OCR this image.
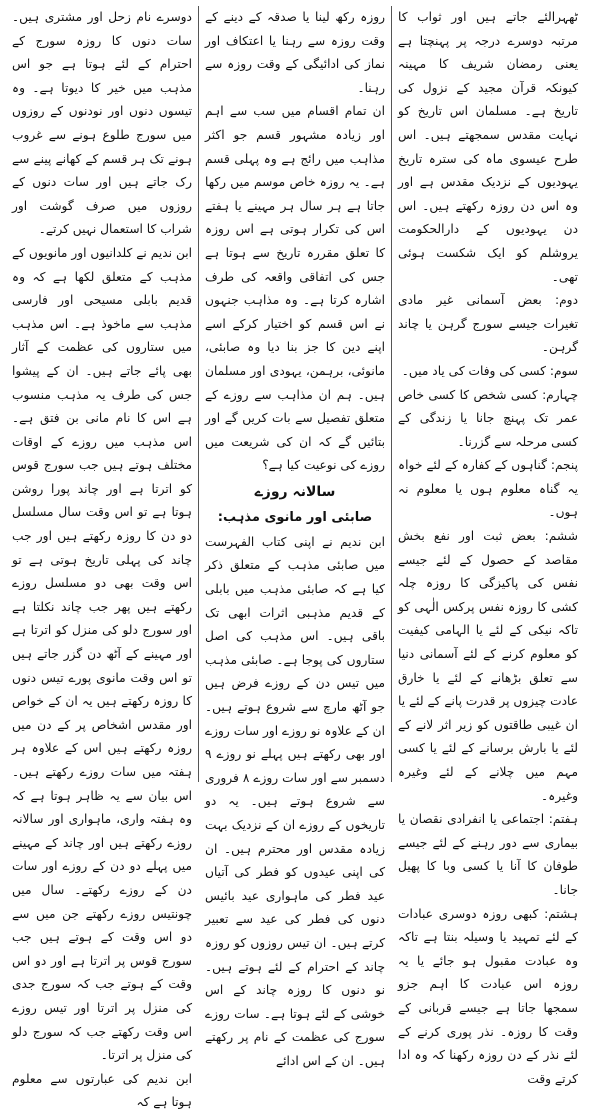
ٹھہرالئے جاتے ہیں اور ثواب کا مرتبہ دوسرے درجہ پر پہنچتا ہے یعنی رمضان شریف کا مہینہ کیونکہ قرآن مجید کے نزول کی تاریخ ہے۔ مسلمان اس تاریخ کو نہایت مقدس سمجھتے ہیں۔ اس طرح عیسوی ماہ کی سترہ تاریخ یہودیوں کے نزدیک مقدس ہے اور وہ اس دن روزہ رکھتے ہیں۔ اس دن یہودیوں کے دارالحکومت یروشلم کو ایک شکست ہوئی تھی۔

دوم: بعض آسمانی غیر مادی تغیرات جیسے سورج گرہن یا چاند گرہن۔

سوم: کسی کی وفات کی یاد میں۔

چہارم: کسی شخص کا کسی خاص عمر تک پہنچ جانا یا زندگی کے کسی مرحلہ سے گزرنا۔

پنجم: گناہوں کے کفارہ کے لئے خواہ یہ گناہ معلوم ہوں یا معلوم نہ ہوں۔

ششم: بعض ثبت اور نفع بخش مقاصد کے حصول کے لئے جیسے نفس کی پاکیزگی کا روزہ چلہ کشی کا روزہ نفس پرکس الٰہی کو تاکہ نیکی کے لئے یا الہامی کیفیت کو معلوم کرنے کے لئے آسمانی دنیا سے تعلق بڑھانے کے لئے یا خارق عادت چیزوں پر قدرت پانے کے لئے یا ان غیبی طاقتوں کو زیر اثر لانے کے لئے یا بارش برسانے کے لئے یا کسی مہم میں چلانے کے لئے وغیرہ وغیرہ۔

ہفتم: اجتماعی یا انفرادی نقصان یا بیماری سے دور رہنے کے لئے جیسے طوفان کا آنا یا کسی وبا کا پھیل جانا۔

ہشتم: کبھی روزہ دوسری عبادات کے لئے تمہید یا وسیلہ بنتا ہے تاکہ وہ عبادت مقبول ہو جائے یا یہ روزہ اس عبادت کا اہم جزو سمجھا جاتا ہے جیسے قربانی کے وقت کا روزہ۔ نذر پوری کرنے کے لئے نذر کے دن روزہ رکھنا کہ وہ ادا کرتے وقت

روزہ رکھ لینا یا صدقہ کے دینے کے وقت روزہ سے رہنا یا اعتکاف اور نماز کی ادائیگی کے وقت روزہ سے رہنا۔

ان تمام اقسام میں سب سے اہم اور زیادہ مشہور قسم جو اکثر مذاہب میں رائج ہے وہ پہلی قسم ہے۔ یہ روزہ خاص موسم میں رکھا جاتا ہے ہر سال ہر مہینے یا ہفتے اس کی تکرار ہوتی ہے اس روزہ کا تعلق مقررہ تاریخ سے ہوتا ہے جس کی اتفاقی واقعہ کی طرف اشارہ کرتا ہے۔ وہ مذاہب جنہوں نے اس قسم کو اختیار کرکے اسے اپنے دین کا جز بنا دیا وہ صابئی، مانوئی، برہمن، یہودی اور مسلمان ہیں۔ ہم ان مذاہب سے روزے کے متعلق تفصیل سے بات کریں گے اور بتائیں گے کہ ان کی شریعت میں روزے کی نوعیت کیا ہے؟

سالانہ روزے

صابئی اور مانوی مذہب:

ابن ندیم نے اپنی کتاب الفہرست میں صابئی مذہب کے متعلق ذکر کیا ہے کہ صابئی مذہب میں بابلی کے قدیم مذہبی اثرات ابھی تک باقی ہیں۔ اس مذہب کی اصل ستاروں کی پوجا ہے۔ صابئی مذہب میں تیس دن کے روزے فرض ہیں جو آٹھ مارچ سے شروع ہوتے ہیں۔ ان کے علاوہ نو روزے اور سات روزے اور بھی رکھتے ہیں پہلے نو روزے ۹ دسمبر سے اور سات روزے ۸ فروری سے شروع ہوتے ہیں۔ یہ دو تاریخوں کے روزے ان کے نزدیک بہت زیادہ مقدس اور محترم ہیں۔ ان کی اپنی عیدوں کو فطر کی آتیاں عید فطر کی ماہواری عید بائیس دنوں کی فطر کی عید سے تعبیر کرتے ہیں۔ ان تیس روزوں کو روزہ چاند کے احترام کے لئے ہوتے ہیں۔ نو دنوں کا روزہ چاند کے اس خوشی کے لئے ہوتا ہے۔ سات روزے سورج کی عظمت کے نام پر رکھتے ہیں۔ ان کے اس ادائے

دوسرے نام زحل اور مشتری ہیں۔ سات دنوں کا روزہ سورج کے احترام کے لئے ہوتا ہے جو اس مذہب میں خیر کا دیوتا ہے۔ وہ تیسوں دنوں اور نودنوں کے روزوں میں سورج طلوع ہونے سے غروب ہونے تک ہر قسم کے کھانے پینے سے رک جاتے ہیں اور سات دنوں کے روزوں میں صرف گوشت اور شراب کا استعمال نہیں کرتے۔

ابن ندیم نے کلدانیوں اور مانویوں کے مذہب کے متعلق لکھا ہے کہ وہ قدیم بابلی مسیحی اور فارسی مذہب سے ماخوذ ہے۔ اس مذہب میں ستاروں کی عظمت کے آثار بھی پائے جاتے ہیں۔ ان کے پیشوا جس کی طرف یہ مذہب منسوب ہے اس کا نام مانی بن فتق ہے۔ اس مذہب میں روزے کے اوقات مختلف ہوتے ہیں جب سورج قوس کو اترتا ہے اور چاند پورا روشن ہوتا ہے تو اس وقت سال مسلسل دو دن کا روزہ رکھتے ہیں اور جب چاند کی پہلی تاریخ ہوتی ہے تو اس وقت بھی دو مسلسل روزے رکھتے ہیں پھر جب چاند نکلتا ہے اور سورج دلو کی منزل کو اترتا ہے اور مہینے کے آٹھ دن گزر جاتے ہیں تو اس وقت مانوی پورے تیس دنوں کا روزہ رکھتے ہیں یہ ان کے خواص اور مقدس اشخاص پر کے دن میں روزہ رکھتے ہیں اس کے علاوہ ہر ہفتہ میں سات روزے رکھتے ہیں۔ اس بیان سے یہ ظاہر ہوتا ہے کہ وہ ہفتہ واری، ماہواری اور سالانہ روزے رکھتے ہیں اور چاند کے مہینے میں پہلے دو دن کے روزے اور سات دن کے روزے رکھتے۔ سال میں چونتیس روزے رکھتے جن میں سے دو اس وقت کے ہوتے ہیں جب سورج قوس پر اترتا ہے اور دو اس وقت کے ہوتے جب کہ سورج جدی کی منزل پر اترتا اور تیس روزے اس وقت رکھتے جب کہ سورج دلو کی منزل پر اترتا۔

ابن ندیم کی عبارتوں سے معلوم ہوتا ہے کہ
